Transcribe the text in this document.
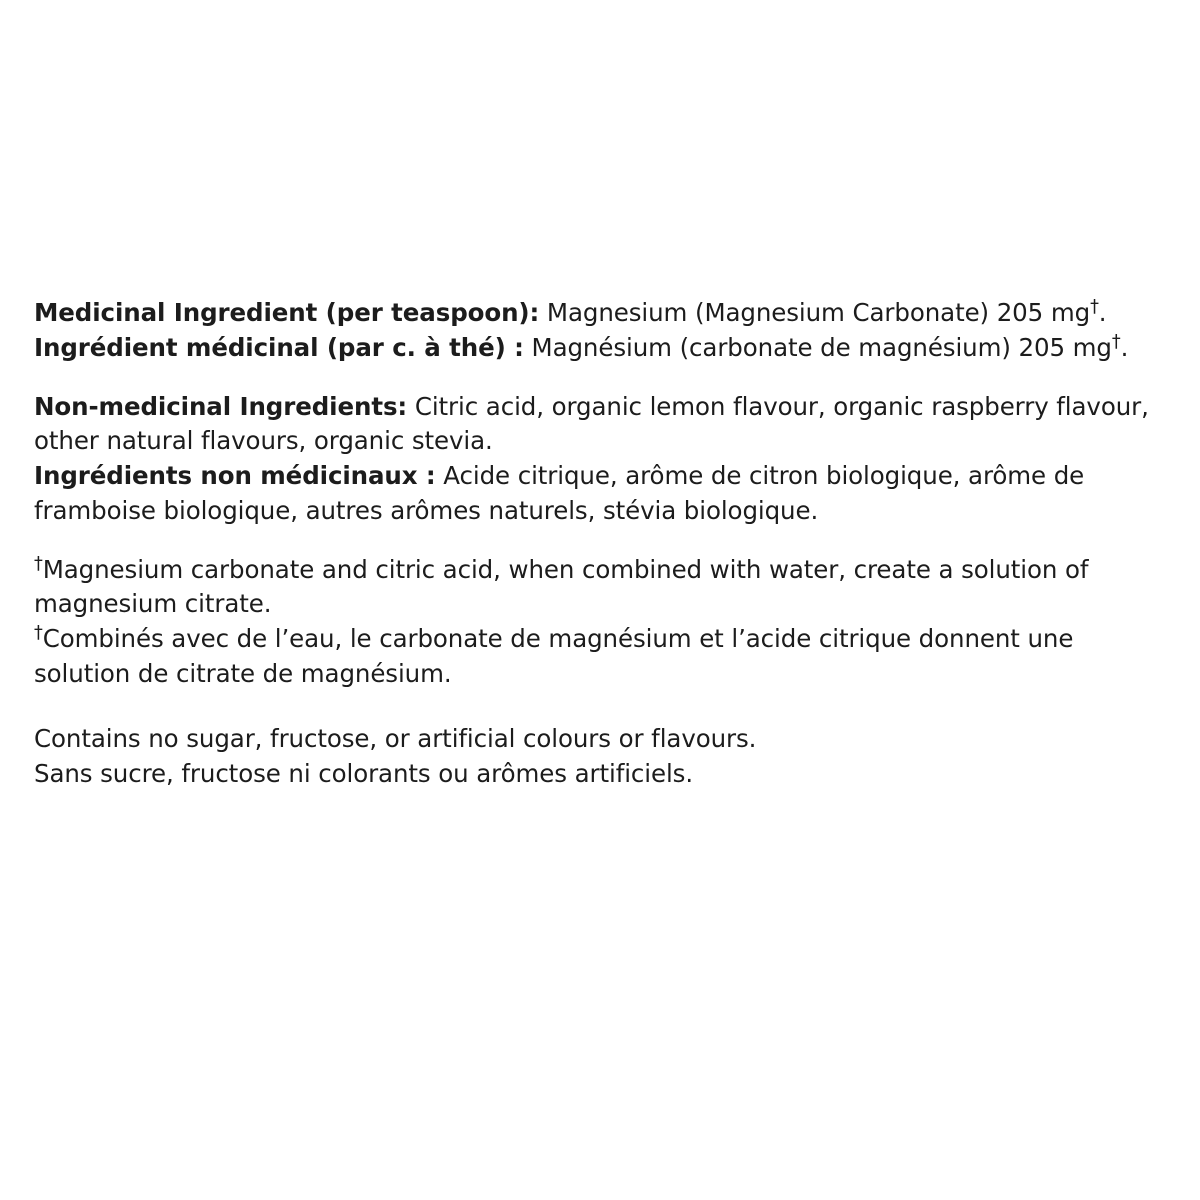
Medicinal Ingredient (per teaspoon): Magnesium (Magnesium Carbonate) 205 mg†.
Ingrédient médicinal (par c. à thé) : Magnésium (carbonate de magnésium) 205 mg†.
Non-medicinal Ingredients: Citric acid, organic lemon flavour, organic raspberry flavour, other natural flavours, organic stevia.
Ingrédients non médicinaux : Acide citrique, arôme de citron biologique, arôme de framboise biologique, autres arômes naturels, stévia biologique.
†Magnesium carbonate and citric acid, when combined with water, create a solution of magnesium citrate.
†Combinés avec de l’eau, le carbonate de magnésium et l’acide citrique donnent une solution de citrate de magnésium.
Contains no sugar, fructose, or artificial colours or flavours.
Sans sucre, fructose ni colorants ou arômes artificiels.
